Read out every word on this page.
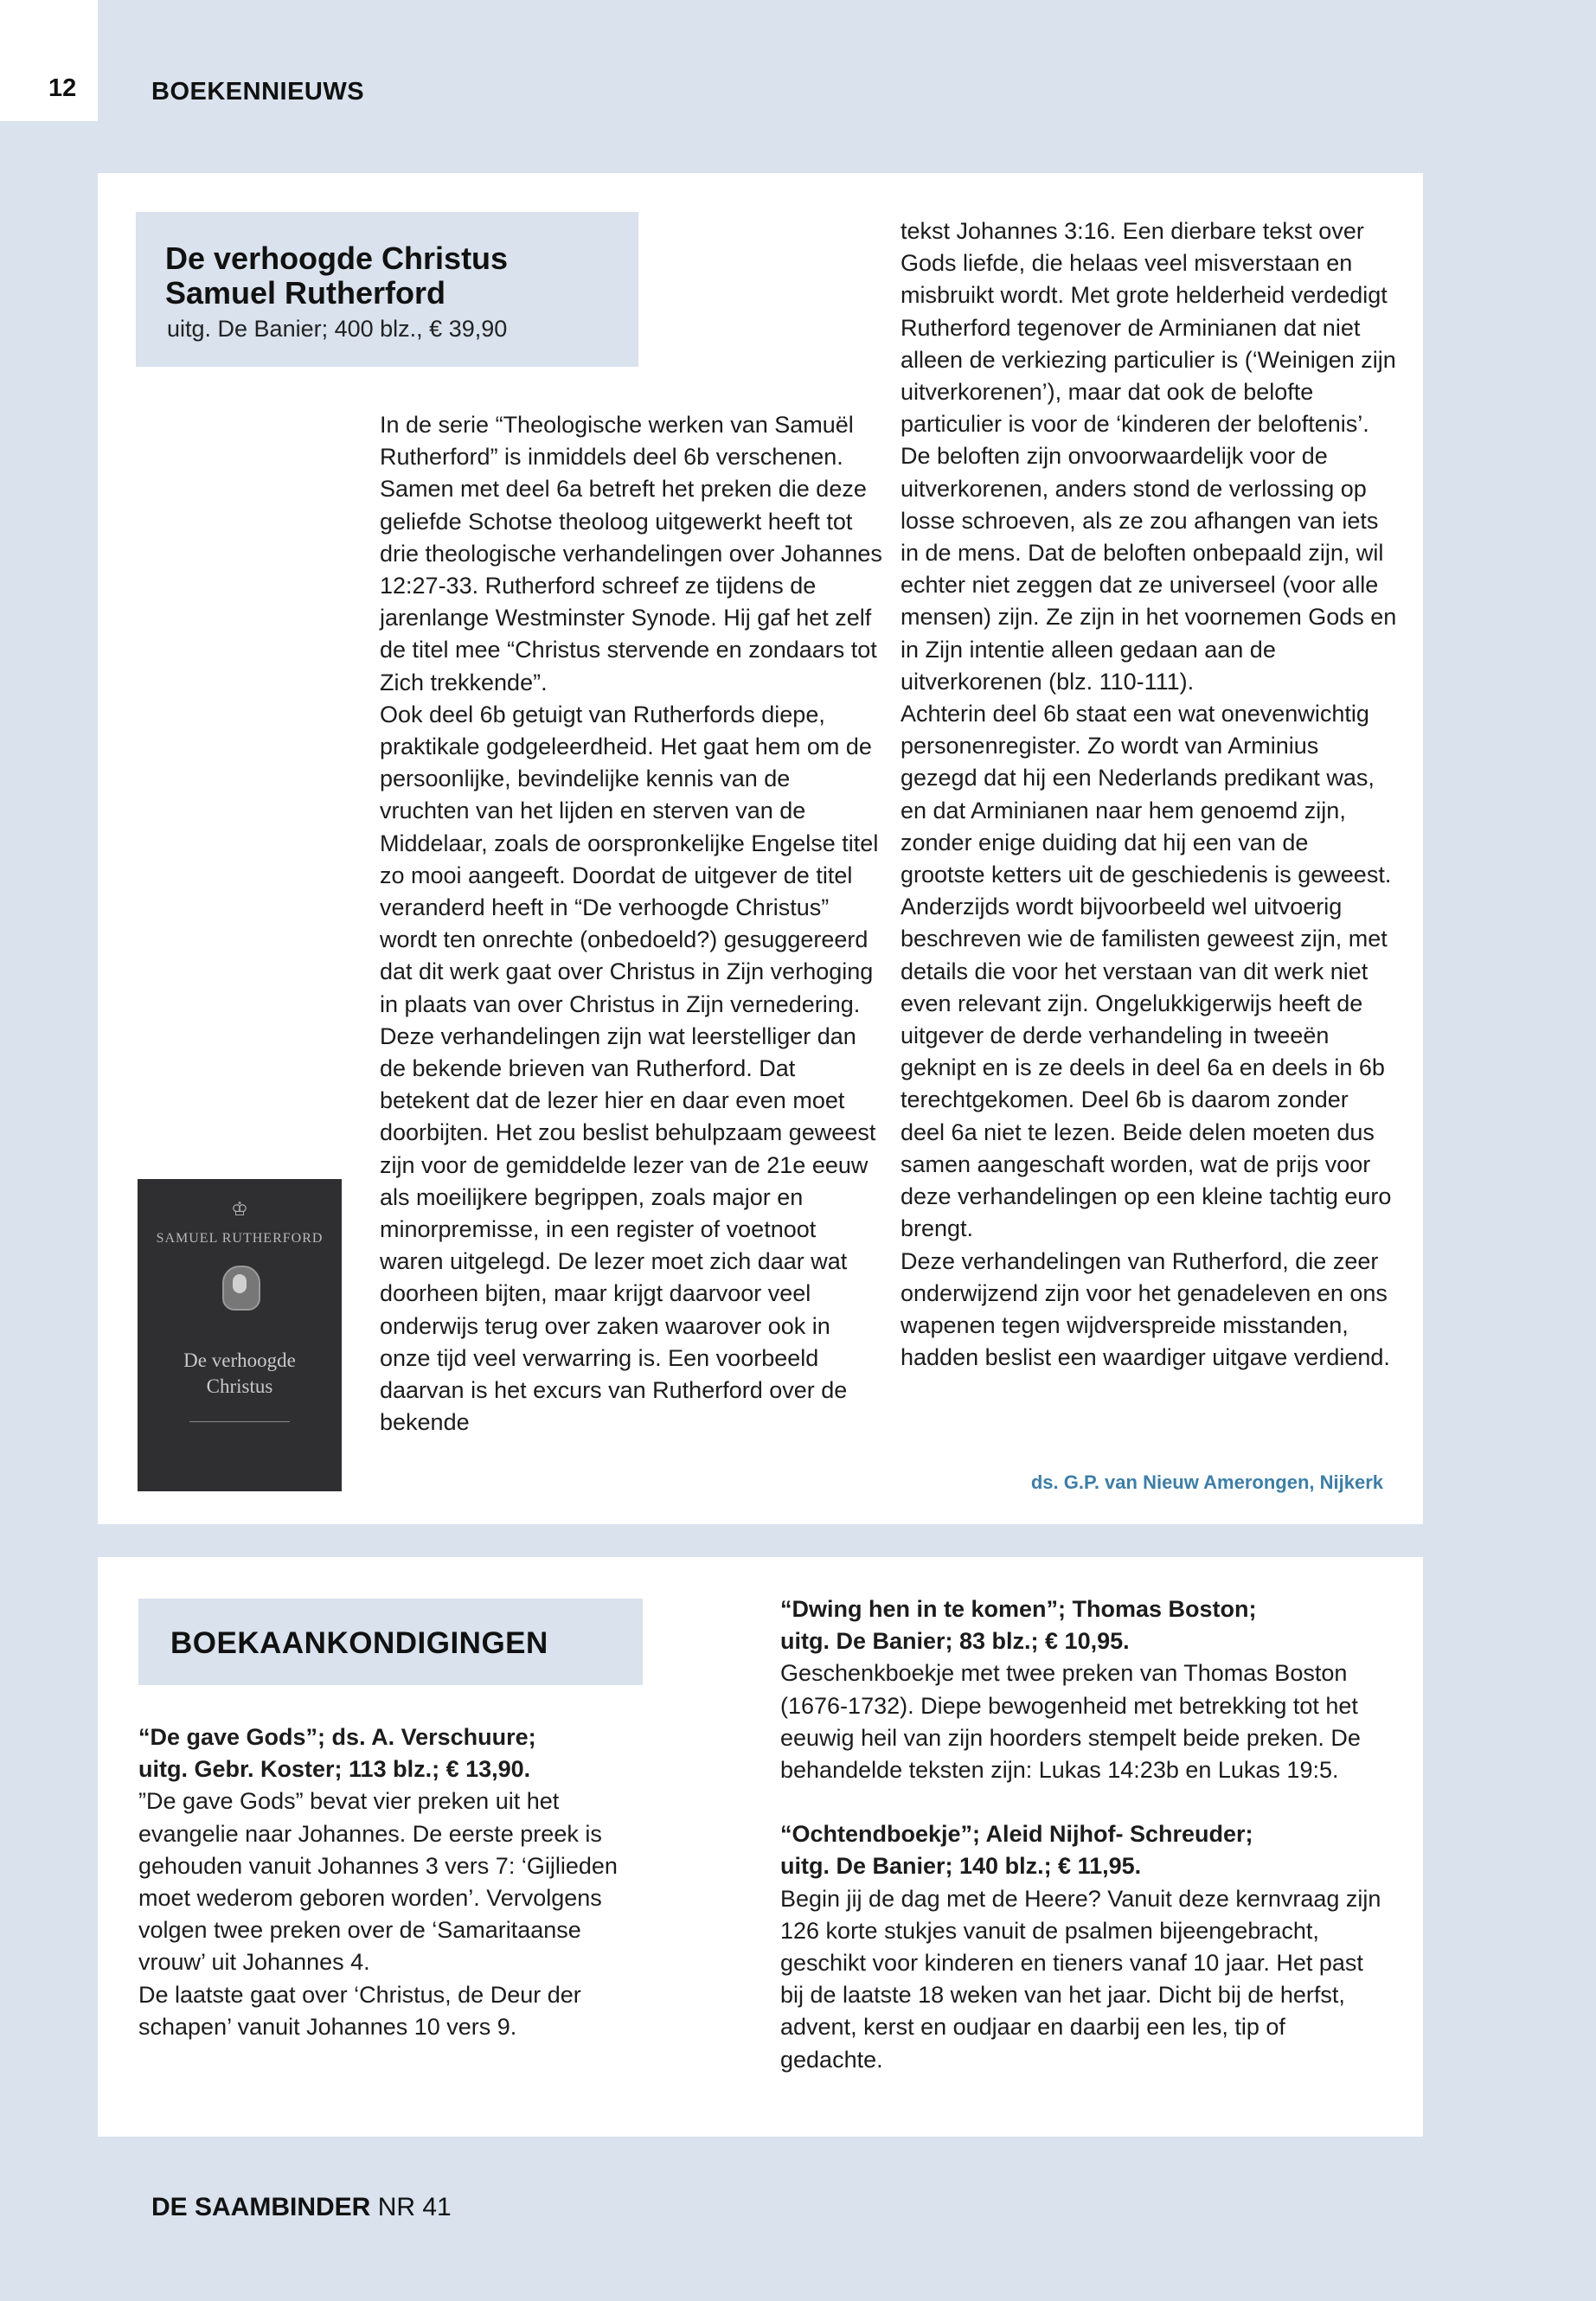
12	BOEKENNIEUWS
De verhoogde Christus
Samuel Rutherford

uitg. De Banier; 400 blz., € 39,90

♔
SAMUEL RUTHERFORD
De verhoogde
Christus

In de serie “Theologische werken van Samuël Rutherford” is inmiddels deel 6b verschenen. Samen met deel 6a betreft het preken die deze geliefde Schotse theoloog uitgewerkt heeft tot drie theologische verhandelingen over Johannes 12:27-33. Rutherford schreef ze tijdens de jarenlange Westminster Synode. Hij gaf het zelf de titel mee “Christus stervende en zondaars tot Zich trekkende”.

Ook deel 6b getuigt van Rutherfords diepe, praktikale godgeleerdheid. Het gaat hem om de persoonlijke, bevindelijke kennis van de vruchten van het lijden en sterven van de Middelaar, zoals de oorspronkelijke Engelse titel zo mooi aangeeft. Doordat de uitgever de titel veranderd heeft in “De verhoogde Christus” wordt ten onrechte (onbedoeld?) gesuggereerd dat dit werk gaat over Christus in Zijn verhoging in plaats van over Christus in Zijn vernedering.

Deze verhandelingen zijn wat leerstelliger dan de bekende brieven van Rutherford. Dat betekent dat de lezer hier en daar even moet doorbijten. Het zou beslist behulpzaam geweest zijn voor de gemiddelde lezer van de 21e eeuw als moeilijkere begrippen, zoals major en minorpremisse, in een register of voetnoot waren uitgelegd. De lezer moet zich daar wat doorheen bijten, maar krijgt daarvoor veel onderwijs terug over zaken waarover ook in onze tijd veel verwarring is. Een voorbeeld daarvan is het excurs van Rutherford over de bekende

tekst Johannes 3:16. Een dierbare tekst over Gods liefde, die helaas veel misverstaan en misbruikt wordt. Met grote helderheid verdedigt Rutherford tegenover de Arminianen dat niet alleen de verkiezing particulier is (‘Weinigen zijn uitverkorenen’), maar dat ook de belofte particulier is voor de ‘kinderen der beloftenis’. De beloften zijn onvoorwaardelijk voor de uitverkorenen, anders stond de verlossing op losse schroeven, als ze zou afhangen van iets in de mens. Dat de beloften onbepaald zijn, wil echter niet zeggen dat ze universeel (voor alle mensen) zijn. Ze zijn in het voornemen Gods en in Zijn intentie alleen gedaan aan de uitverkorenen (blz. 110-111).

Achterin deel 6b staat een wat onevenwichtig personenregister. Zo wordt van Arminius gezegd dat hij een Nederlands predikant was, en dat Arminianen naar hem genoemd zijn, zonder enige duiding dat hij een van de grootste ketters uit de geschiedenis is geweest. Anderzijds wordt bijvoorbeeld wel uitvoerig beschreven wie de familisten geweest zijn, met details die voor het verstaan van dit werk niet even relevant zijn. Ongelukkigerwijs heeft de uitgever de derde verhandeling in tweeën geknipt en is ze deels in deel 6a en deels in 6b terechtgekomen. Deel 6b is daarom zonder deel 6a niet te lezen. Beide delen moeten dus samen aangeschaft worden, wat de prijs voor deze verhandelingen op een kleine tachtig euro brengt.

Deze verhandelingen van Rutherford, die zeer onderwijzend zijn voor het genadeleven en ons wapenen tegen wijdverspreide misstanden, hadden beslist een waardiger uitgave verdiend.

ds. G.P. van Nieuw Amerongen, Nijkerk
BOEKAANKONDIGINGEN
“De gave Gods”; ds. A. Verschuure;
uitg. Gebr. Koster; 113 blz.; € 13,90.
”De gave Gods” bevat vier preken uit het evangelie naar Johannes. De eerste preek is gehouden vanuit Johannes 3 vers 7: ‘Gijlieden moet wederom geboren worden’. Vervolgens volgen twee preken over de ‘Samaritaanse vrouw’ uit Johannes 4.
De laatste gaat over ‘Christus, de Deur der schapen’ vanuit Johannes 10 vers 9.
“Dwing hen in te komen”; Thomas Boston;
uitg. De Banier; 83 blz.; € 10,95.
Geschenkboekje met twee preken van Thomas Boston (1676-1732). Diepe bewogenheid met betrekking tot het eeuwig heil van zijn hoorders stempelt beide preken. De behandelde teksten zijn: Lukas 14:23b en Lukas 19:5.
“Ochtendboekje”; Aleid Nijhof- Schreuder;
uitg. De Banier; 140 blz.; € 11,95.
Begin jij de dag met de Heere? Vanuit deze kernvraag zijn 126 korte stukjes vanuit de psalmen bijeengebracht, geschikt voor kinderen en tieners vanaf 10 jaar. Het past bij de laatste 18 weken van het jaar. Dicht bij de herfst, advent, kerst en oudjaar en daarbij een les, tip of gedachte.
DE SAAMBINDER NR 41
